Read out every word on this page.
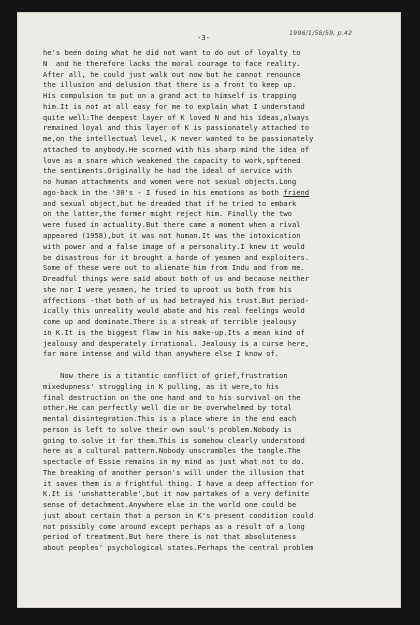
-3-	1996/1/58/59, p.42
he's been doing what he did not want to do out of loyalty to
N  and he therefore lacks the moral courage to face reality.
After all, he could just walk out now but he cannot renounce
the illusion and delusion that there is a front to keep up.
His compulsion to put on a grand act to himself is trapping
him.It is not at all easy for me to explain what I understand
quite well:The deepest layer of K loved N and his ideas,always
remained loyal and this layer of K is passionately attached to
me,on the intellectual level, K never wanted to be passionately
attached to anybody.He scorned with his sharp mind the idea of
love as a snare which weakened the capacity to work,spftened
the sentiments.Originally he had the ideal of service with
no human attachments and women were not sexual objects.Long
ago-back in the '30's - I fused in his emotions as both friend
and sexual object,but he dreaded that if he tried to embark
on the latter,the former might reject him. Finally the two
were fused in actuality.But there came a moment when a rival
appeared (1958),but it was not human.It was the intoxication
with power and a false image of a personality.I knew it would
be disastrous for it brought a horde of yesmen and exploiters.
Some of these were out to alienate him from Indu and from me.
Dreadful things were said about both of us and because neither
she nor I were yesmen, he tried to uproot us both from his
affections -that both of us had betrayed his trust.But period-
ically this unreality would abate and his real feelings would
come up and dominate.There is a streak of terrible jealousy
in K.It is the biggest flaw in his make-up.Its a mean kind of
jealousy and desperately irrational. Jealousy is a curse here,
far more intense and wild than anywhere else I know of.
Now there is a titantic conflict of grief,frustration
mixedupness' struggling in K pulling, as it were,to his
final destruction on the one hand and to his survival on the
other.He can perfectly well die or be overwhelmed by total
mental disintegration.This is a place where in the end each
person is left to solve their own soul's problem.Nobody is
going to solve it for them.This is somehow clearly understood
here as a cultural pattern.Nobody unscrambles the tangle.The
spectacle of Essie remains in my mind as just what not to do.
The breaking of another person's will under the illusion that
it saves them is a frightful thing. I have a deep affection for
K.It is 'unshatterable',but it now partakes of a very definite
sense of detachment.Anywhere else in the world one could be
just about certain that a person in K's present condition could
not possibly come around except perhaps as a result of a long
period of treatment.But here there is not that absoluteness
about peoples' psychological states.Perhaps the central problem
